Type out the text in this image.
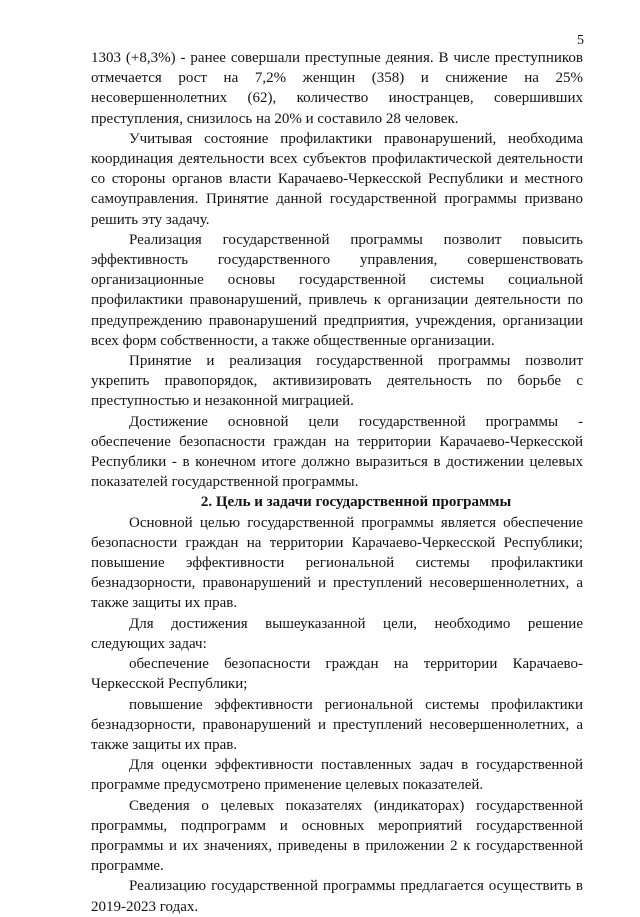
5

1303 (+8,3%) - ранее совершали преступные деяния. В числе преступников отмечается рост на 7,2% женщин (358) и снижение на 25% несовершеннолетних (62), количество иностранцев, совершивших преступления, снизилось на 20% и составило 28 человек.

Учитывая состояние профилактики правонарушений, необходима координация деятельности всех субъектов профилактической деятельности со стороны органов власти Карачаево-Черкесской Республики и местного самоуправления. Принятие данной государственной программы призвано решить эту задачу.

Реализация государственной программы позволит повысить эффективность государственного управления, совершенствовать организационные основы государственной системы социальной профилактики правонарушений, привлечь к организации деятельности по предупреждению правонарушений предприятия, учреждения, организации всех форм собственности, а также общественные организации.

Принятие и реализация государственной программы позволит укрепить правопорядок, активизировать деятельность по борьбе с преступностью и незаконной миграцией.

Достижение основной цели государственной программы - обеспечение безопасности граждан на территории Карачаево-Черкесской Республики - в конечном итоге должно выразиться в достижении целевых показателей государственной программы.

2. Цель и задачи государственной программы

Основной целью государственной программы является обеспечение безопасности граждан на территории Карачаево-Черкесской Республики; повышение эффективности региональной системы профилактики безнадзорности, правонарушений и преступлений несовершеннолетних, а также защиты их прав.

Для достижения вышеуказанной цели, необходимо решение следующих задач:

обеспечение безопасности граждан на территории Карачаево-Черкесской Республики;

повышение эффективности региональной системы профилактики безнадзорности, правонарушений и преступлений несовершеннолетних, а также защиты их прав.

Для оценки эффективности поставленных задач в государственной программе предусмотрено применение целевых показателей.

Сведения о целевых показателях (индикаторах) государственной программы, подпрограмм и основных мероприятий государственной программы и их значениях, приведены в приложении 2 к государственной программе.

Реализацию государственной программы предлагается осуществить в 2019-2023 годах.
